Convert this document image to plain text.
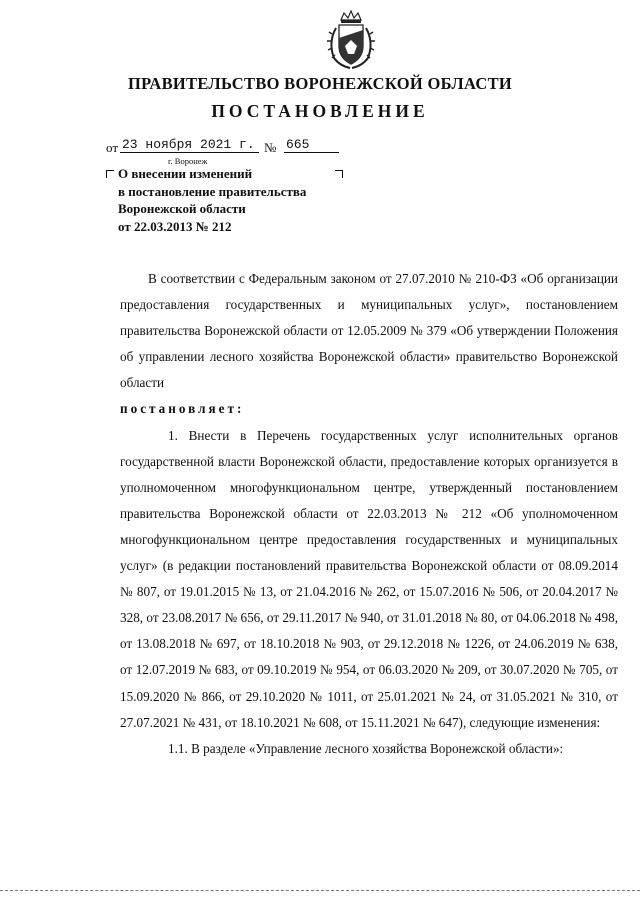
ПРАВИТЕЛЬСТВО ВОРОНЕЖСКОЙ ОБЛАСТИ
ПОСТАНОВЛЕНИЕ
от 23 ноября 2021 г. № 665
г. Воронеж
О внесении изменений
в постановление правительства
Воронежской области
от 22.03.2013 № 212

В соответствии с Федеральным законом от 27.07.2010 № 210-ФЗ «Об организации предоставления государственных и муниципальных услуг», постановлением правительства Воронежской области от 12.05.2009 № 379 «Об утверждении Положения об управлении лесного хозяйства Воронежской области» правительство Воронежской области

постановляет:

1. Внести в Перечень государственных услуг исполнительных органов государственной власти Воронежской области, предоставление которых организуется в уполномоченном многофункциональном центре, утвержденный постановлением правительства Воронежской области от 22.03.2013 № 212 «Об уполномоченном многофункциональном центре предоставления государственных и муниципальных услуг» (в редакции постановлений правительства Воронежской области от 08.09.2014 № 807, от 19.01.2015 № 13, от 21.04.2016 № 262, от 15.07.2016 № 506, от 20.04.2017 № 328, от 23.08.2017 № 656, от 29.11.2017 № 940, от 31.01.2018 № 80, от 04.06.2018 № 498, от 13.08.2018 № 697, от 18.10.2018 № 903, от 29.12.2018 № 1226, от 24.06.2019 № 638, от 12.07.2019 № 683, от 09.10.2019 № 954, от 06.03.2020 № 209, от 30.07.2020 № 705, от 15.09.2020 № 866, от 29.10.2020 № 1011, от 25.01.2021 № 24, от 31.05.2021 № 310, от 27.07.2021 № 431, от 18.10.2021 № 608, от 15.11.2021 № 647), следующие изменения:

1.1. В разделе «Управление лесного хозяйства Воронежской области»:
